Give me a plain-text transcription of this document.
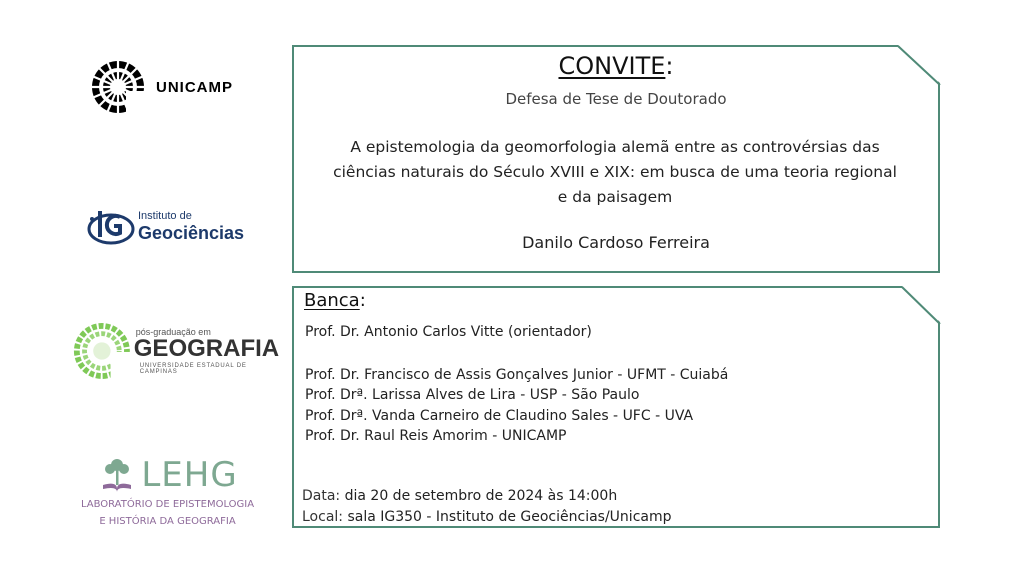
UNICAMP
Instituto de
Geociências
pós-graduação em
GEOGRAFIA
UNIVERSIDADE ESTADUAL DE CAMPINAS
LEHG
LABORATÓRIO DE EPISTEMOLOGIA
E HISTÓRIA DA GEOGRAFIA
CONVITE:
Defesa de Tese de Doutorado
A epistemologia da geomorfologia alemã entre as controvérsias das ciências naturais do Século XVIII e XIX: em busca de uma teoria regional e da paisagem
Danilo Cardoso Ferreira
Banca:
Prof. Dr. Antonio Carlos Vitte (orientador)
Prof. Dr. Francisco de Assis Gonçalves Junior - UFMT - Cuiabá
Prof. Drª. Larissa Alves de Lira - USP - São Paulo
Prof. Drª. Vanda Carneiro de Claudino Sales - UFC - UVA
Prof. Dr. Raul Reis Amorim - UNICAMP
Data: dia 20 de setembro de 2024 às 14:00h
Local: sala IG350 - Instituto de Geociências/Unicamp
